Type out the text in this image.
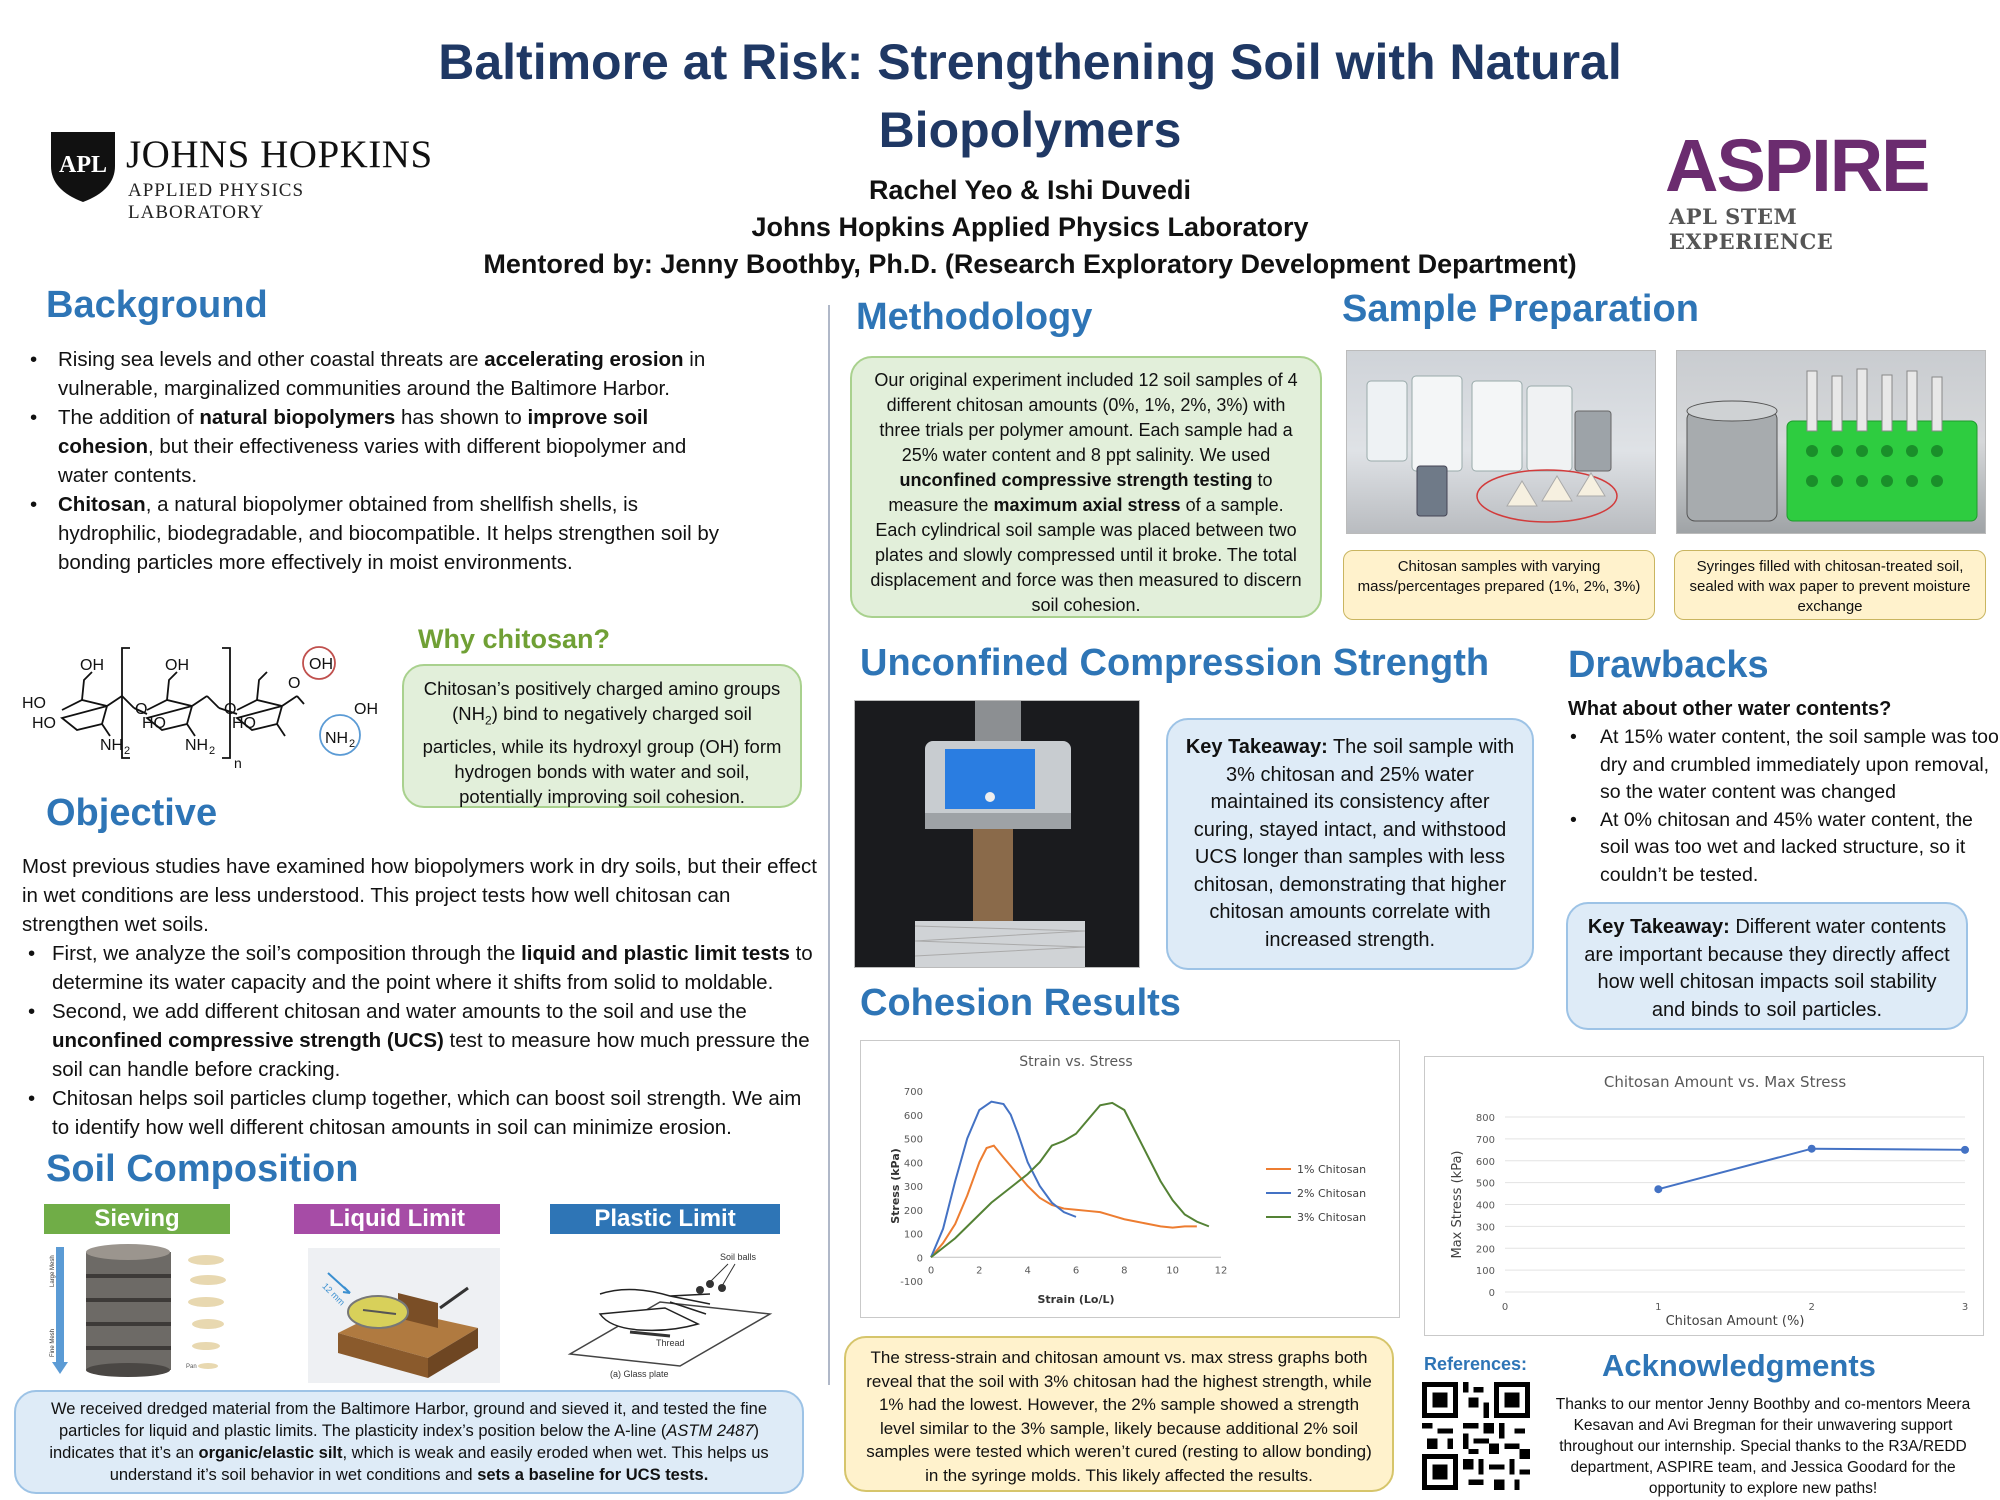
APL JOHNS HOPKINS
APPLIED PHYSICS LABORATORY
Baltimore at Risk: Strengthening Soil with Natural
Biopolymers
Rachel Yeo & Ishi Duvedi
Johns Hopkins Applied Physics Laboratory
Mentored by: Jenny Boothby, Ph.D. (Research Exploratory Development Department)
ASPIRE
APL STEM EXPERIENCE
Background
• Rising sea levels and other coastal threats are accelerating erosion in vulnerable, marginalized communities around the Baltimore Harbor.
• The addition of natural biopolymers has shown to improve soil cohesion, but their effectiveness varies with different biopolymer and water contents.
• Chitosan, a natural biopolymer obtained from shellfish shells, is hydrophilic, biodegradable, and biocompatible. It helps strengthen soil by bonding particles more effectively in moist environments.
OH	OH	OH
HO
HO	HO	HO
NH 2	NH 2
NH 2
O	O
O
OH
n
Why chitosan?
Chitosan’s positively charged amino groups $(NH_2)$ bind to negatively charged soil particles, while its hydroxyl group (OH) form hydrogen bonds with water and soil, potentially improving soil cohesion.
Objective

Most previous studies have examined how biopolymers work in dry soils, but their effect in wet conditions are less understood. This project tests how well chitosan can strengthen wet soils.

• First, we analyze the soil’s composition through the liquid and plastic limit tests to determine its water capacity and the point where it shifts from solid to moldable.
• Second, we add different chitosan and water amounts to the soil and use the unconfined compressive strength (UCS) test to measure how much pressure the soil can handle before cracking.
• Chitosan helps soil particles clump together, which can boost soil strength. We aim to identify how well different chitosan amounts in soil can minimize erosion.
Soil Composition
Sieving	Liquid Limit	Plastic Limit
Large Mesh
Fine Mesh
Pan
12 mm
Soil balls
Thread
(a) Glass plate
We received dredged material from the Baltimore Harbor, ground and sieved it, and tested the fine particles for liquid and plastic limits. The plasticity index’s position below the A-line (ASTM 2487) indicates that it’s an organic/elastic silt, which is weak and easily eroded when wet. This helps us understand it’s soil behavior in wet conditions and sets a baseline for UCS tests.
Methodology
Our original experiment included 12 soil samples of 4 different chitosan amounts (0%, 1%, 2%, 3%) with three trials per polymer amount. Each sample had a 25% water content and 8 ppt salinity. We used unconfined compressive strength testing to measure the maximum axial stress of a sample. Each cylindrical soil sample was placed between two plates and slowly compressed until it broke. The total displacement and force was then measured to discern soil cohesion.
Sample Preparation
Chitosan samples with varying mass/percentages prepared (1%, 2%, 3%)
Syringes filled with chitosan-treated soil, sealed with wax paper to prevent moisture exchange
Unconfined Compression Strength
Key Takeaway: The soil sample with 3% chitosan and 25% water maintained its consistency after curing, stayed intact, and withstood UCS longer than samples with less chitosan, demonstrating that higher chitosan amounts correlate with increased strength.
Drawbacks
What about other water contents?
• At 15% water content, the soil sample was too dry and crumbled immediately upon removal, so the water content was changed
• At 0% chitosan and 45% water content, the soil was too wet and lacked structure, so it couldn’t be tested.
Key Takeaway: Different water contents are important because they directly affect how well chitosan impacts soil stability and binds to soil particles.
Cohesion Results
Strain vs. Stress
-100
0
100
200
300
400
500
600
700
0	2	4	6	8	10	12
Strain (Lo/L)
Stress (kPa)	1% Chitosan
2% Chitosan
3% Chitosan
Chitosan Amount vs. Max Stress
0
100
200
300
400
500
600
700
800
0	1	2	3
Chitosan Amount (%)
Max Stress (kPa)
The stress-strain and chitosan amount vs. max stress graphs both reveal that the soil with 3% chitosan had the highest strength, while 1% had the lowest. However, the 2% sample showed a strength level similar to the 3% sample, likely because additional 2% soil samples were tested which weren’t cured (resting to allow bonding) in the syringe molds. This likely affected the results.
References: Acknowledgments
Thanks to our mentor Jenny Boothby and co-mentors Meera Kesavan and Avi Bregman for their unwavering support throughout our internship. Special thanks to the R3A/REDD department, ASPIRE team, and Jessica Goodard for the opportunity to explore new paths!
